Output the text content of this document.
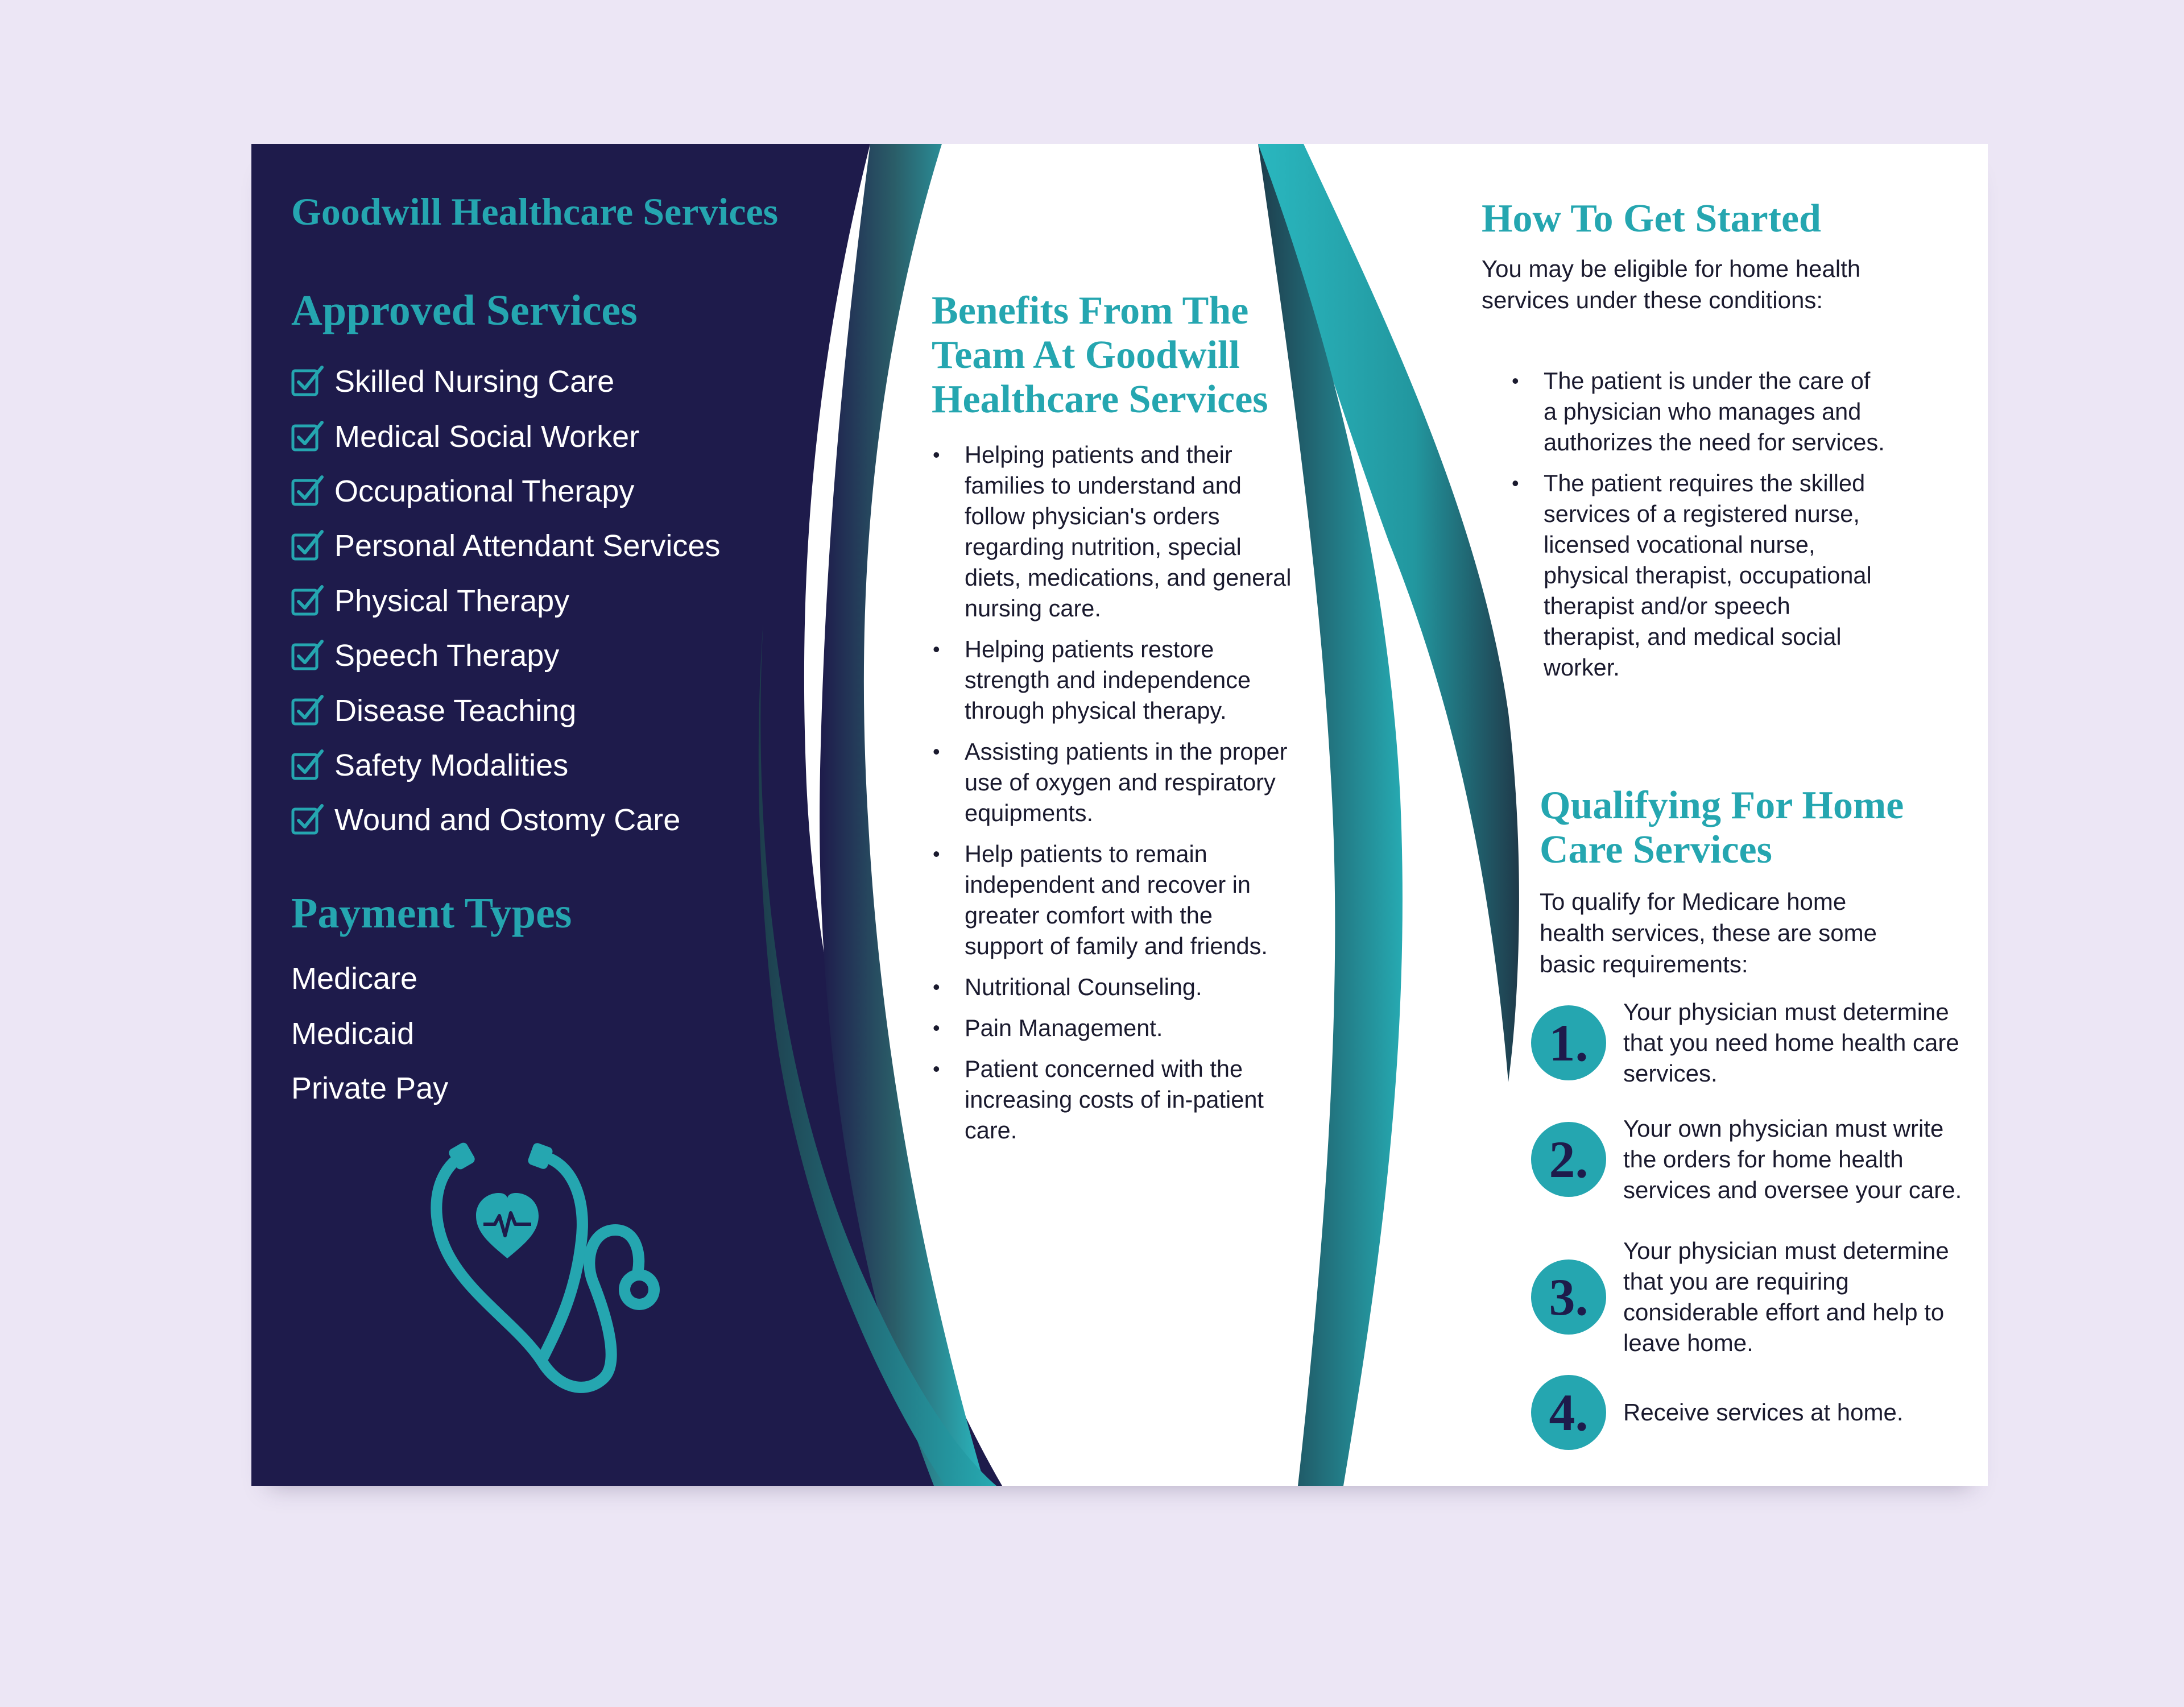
Goodwill Healthcare Services
Approved Services
Skilled Nursing Care
Medical Social Worker
Occupational Therapy
Personal Attendant Services
Physical Therapy
Speech Therapy
Disease Teaching
Safety Modalities
Wound and Ostomy Care
Payment Types
Medicare
Medicaid
Private Pay
Benefits From The Team At Goodwill Healthcare Services
• Helping patients and their families to understand and follow physician's orders regarding nutrition, special diets, medications, and general nursing care.
• Helping patients restore strength and independence through physical therapy.
• Assisting patients in the proper use of oxygen and respiratory equipments.
• Help patients to remain independent and recover in greater comfort with the support of family and friends.
• Nutritional Counseling.
• Pain Management.
• Patient concerned with the increasing costs of in-patient care.
How To Get Started

You may be eligible for home health services under these conditions:

• The patient is under the care of a physician who manages and authorizes the need for services.
• The patient requires the skilled services of a registered nurse, licensed vocational nurse, physical therapist, occupational therapist and/or speech therapist, and medical social worker.
Qualifying For Home Care Services

To qualify for Medicare home health services, these are some basic requirements:

1.
Your physician must determine that you need home health care services.
2.
Your own physician must write the orders for home health services and oversee your care.
3.
Your physician must determine that you are requiring considerable effort and help to leave home.
4.	Receive services at home.
